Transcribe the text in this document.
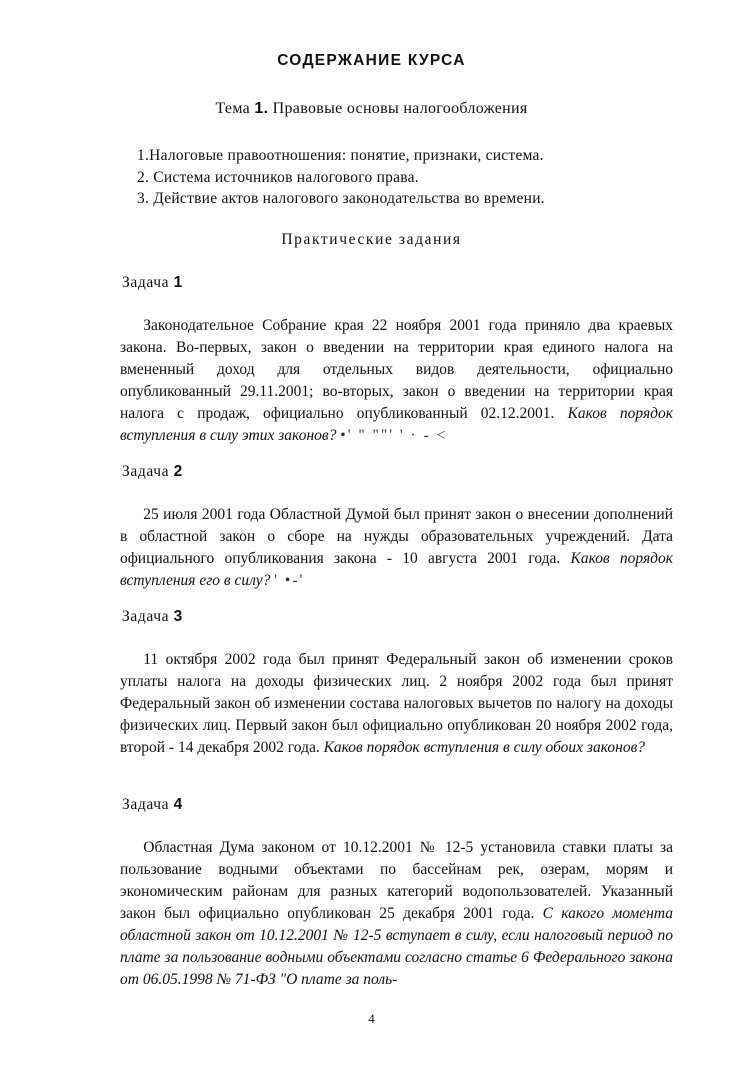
СОДЕРЖАНИЕ КУРСА
Тема 1. Правовые основы налогообложения
1.Налоговые правоотношения: понятие, признаки, система.
2. Система источников налогового права.
3. Действие актов налогового законодательства во времени.
Практические задания
Задача 1
  Законодательное Собрание края 22 ноября 2001 года приняло два краевых закона. Во-первых, закон о введении на территории края единого налога на вмененный доход для отдельных видов деятельности, официально опубликованный 29.11.2001; во-вторых, закон о введении на территории края налога с продаж, официально опубликованный 02.12.2001. Каков порядок вступления в силу этих законов? •' " ""' ' · - <
Задача 2
  25 июля 2001 года Областной Думой был принят закон о внесении дополнений в областной закон о сборе на нужды образовательных учреждений. Дата официального опубликования закона - 10 августа 2001 года. Каков порядок вступления его в силу? ' •-'
Задача 3
  11 октября 2002 года был принят Федеральный закон об изменении сроков уплаты налога на доходы физических лиц. 2 ноября 2002 года был принят Федеральный закон об изменении состава налоговых вычетов по налогу на доходы физических лиц. Первый закон был официально опубликован 20 ноября 2002 года, второй - 14 декабря 2002 года. Каков порядок вступления в силу обоих законов?
Задача 4
  Областная Дума законом от 10.12.2001 № 12-5 установила ставки платы за пользование водными объектами по бассейнам рек, озерам, морям и экономическим районам для разных категорий водопользователей. Указанный закон был официально опубликован 25 декабря 2001 года. С какого момента областной закон от 10.12.2001 № 12-5 вступает в силу, если налоговый период по плате за пользование водными объектами согласно статье 6 Федерального закона от 06.05.1998 № 71-ФЗ "О плате за поль-
4
